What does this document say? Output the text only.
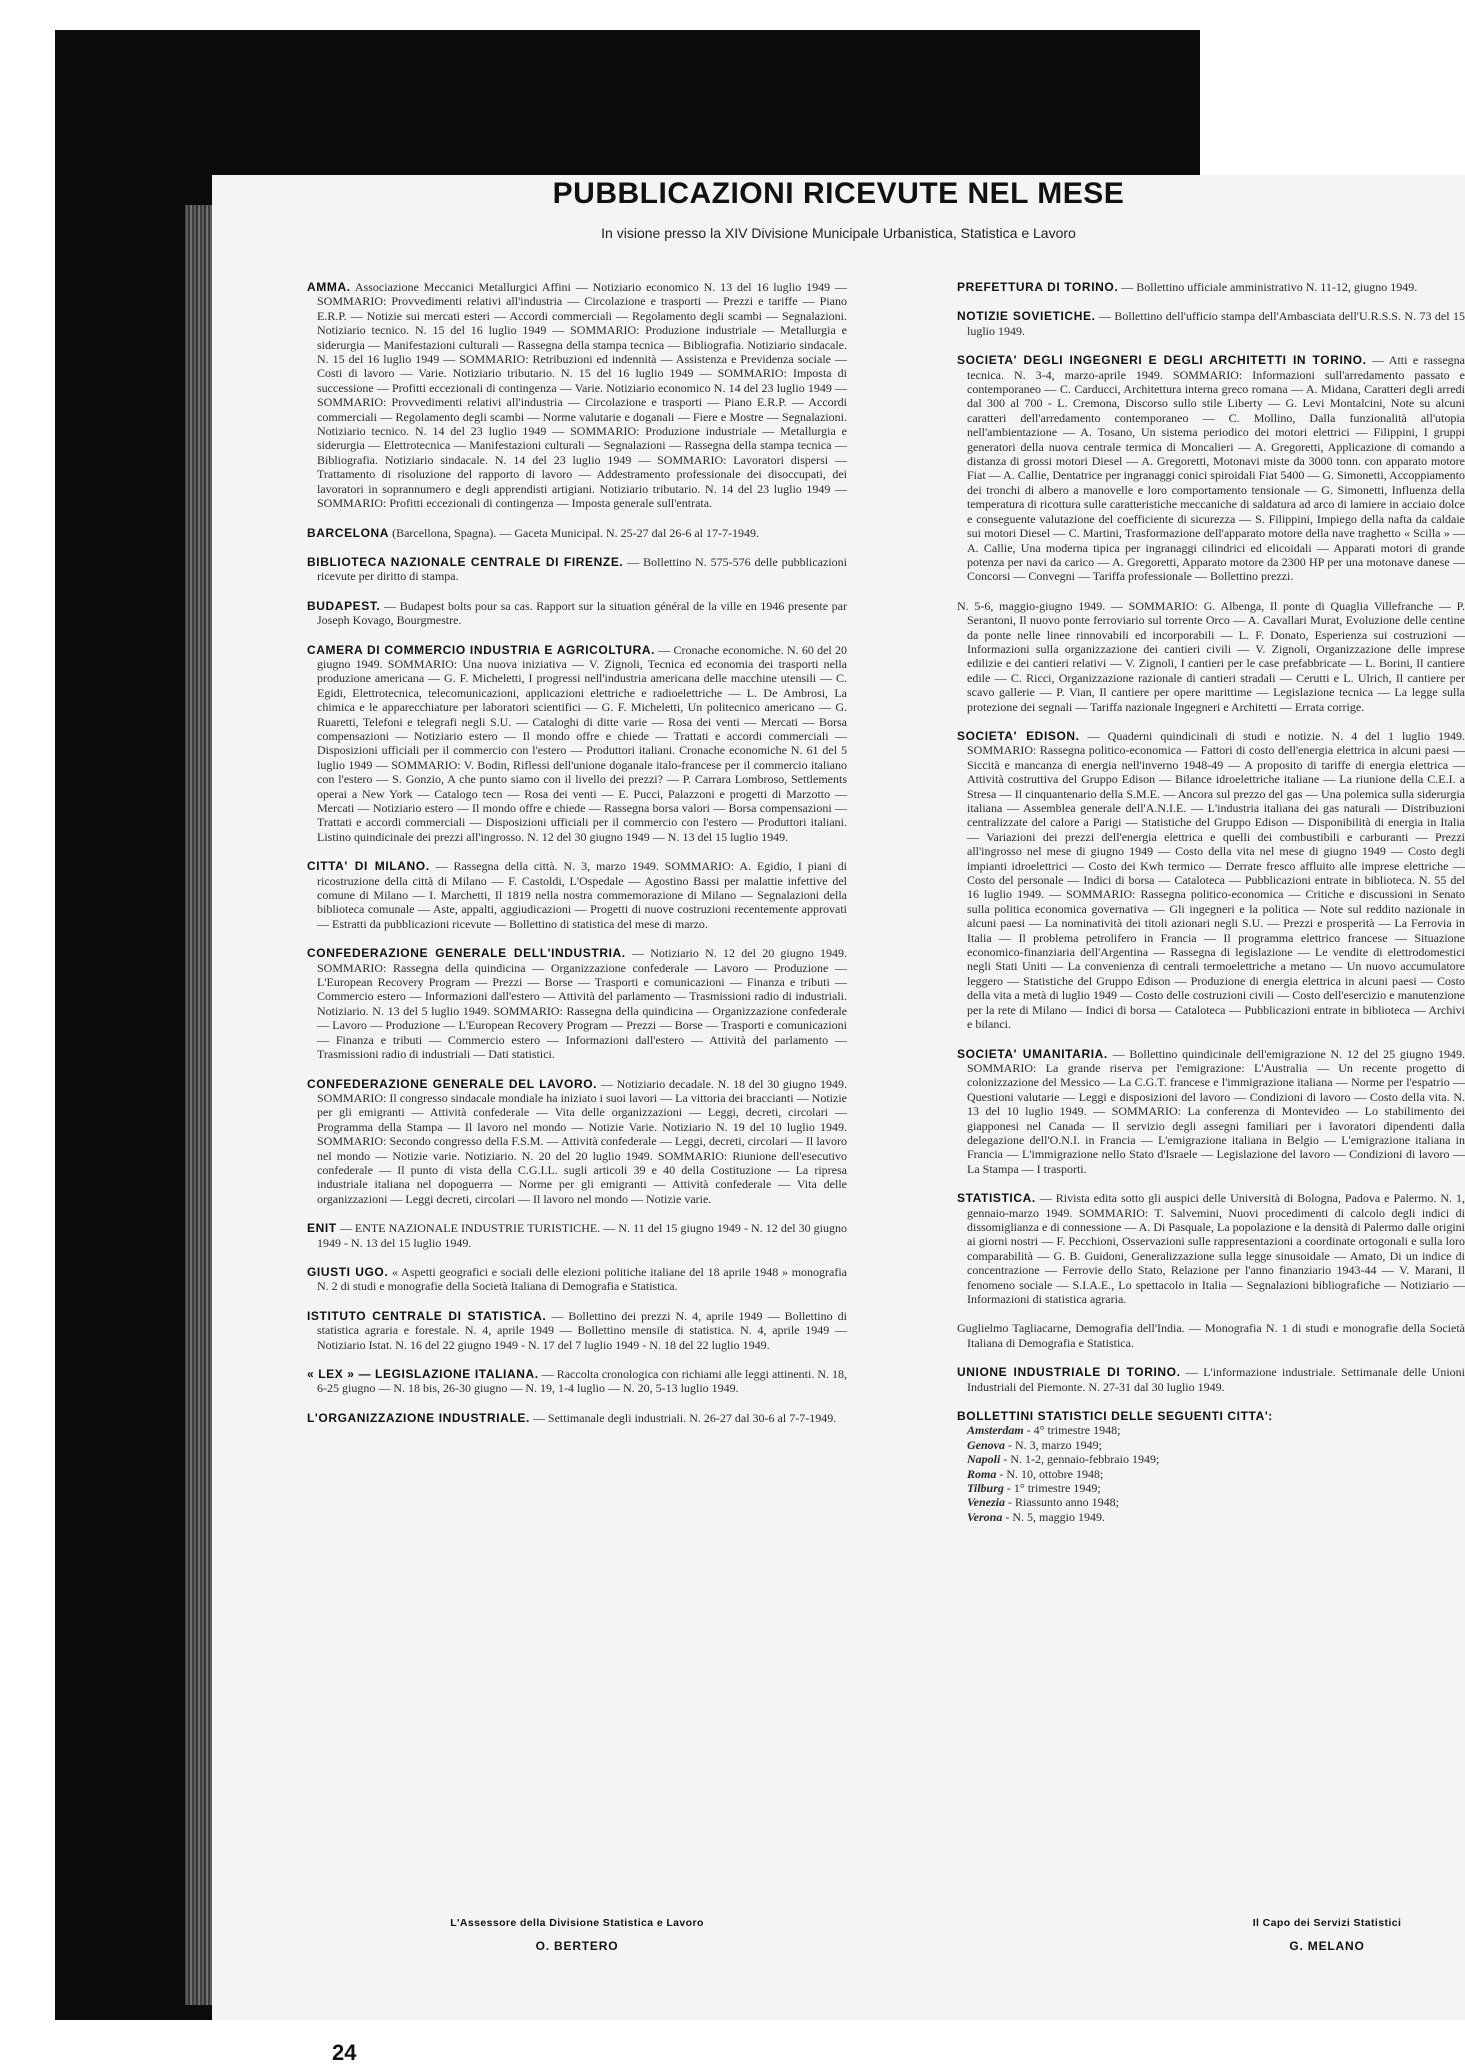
PUBBLICAZIONI RICEVUTE NEL MESE
In visione presso la XIV Divisione Municipale Urbanistica, Statistica e Lavoro
AMMA. Associazione Meccanici Metallurgici Affini — Notiziario economico N. 13 del 16 luglio 1949 — SOMMARIO: Provvedimenti relativi all'industria — Circolazione e trasporti — Prezzi e tariffe — Piano E.R.P. — Notizie sui mercati esteri — Accordi commerciali — Regolamento degli scambi — Segnalazioni. Notiziario tecnico. N. 15 del 16 luglio 1949 — SOMMARIO: Produzione industriale — Metallurgia e siderurgia — Manifestazioni culturali — Rassegna della stampa tecnica — Bibliografia. Notiziario sindacale. N. 15 del 16 luglio 1949 — SOMMARIO: Retribuzioni ed indennità — Assistenza e Previdenza sociale — Costi di lavoro — Varie. Notiziario tributario. N. 15 del 16 luglio 1949 — SOMMARIO: Imposta di successione — Profitti eccezionali di contingenza — Varie. Notiziario economico N. 14 del 23 luglio 1949 — SOMMARIO: Provvedimenti relativi all'industria — Circolazione e trasporti — Piano E.R.P. — Accordi commerciali — Regolamento degli scambi — Norme valutarie e doganali — Fiere e Mostre — Segnalazioni. Notiziario tecnico. N. 14 del 23 luglio 1949 — SOMMARIO: Produzione industriale — Metallurgia e siderurgia — Elettrotecnica — Manifestazioni culturali — Segnalazioni — Rassegna della stampa tecnica — Bibliografia. Notiziario sindacale. N. 14 del 23 luglio 1949 — SOMMARIO: Lavoratori dispersi — Trattamento di risoluzione del rapporto di lavoro — Addestramento professionale dei disoccupati, dei lavoratori in soprannumero e degli apprendisti artigiani. Notiziario tributario. N. 14 del 23 luglio 1949 — SOMMARIO: Profitti eccezionali di contingenza — Imposta generale sull'entrata.
BARCELONA (Barcellona, Spagna). — Gaceta Municipal. N. 25-27 dal 26-6 al 17-7-1949.
BIBLIOTECA NAZIONALE CENTRALE DI FIRENZE. — Bollettino N. 575-576 delle pubblicazioni ricevute per diritto di stampa.
BUDAPEST. — Budapest bolts pour sa cas. Rapport sur la situation général de la ville en 1946 presente par Joseph Kovago, Bourgmestre.
CAMERA DI COMMERCIO INDUSTRIA E AGRICOLTURA. — Cronache economiche. N. 60 del 20 giugno 1949. SOMMARIO: Una nuova iniziativa — V. Zignoli, Tecnica ed economia dei trasporti nella produzione americana — G. F. Micheletti, I progressi nell'industria americana delle macchine utensili — C. Egidi, Elettrotecnica, telecomunicazioni, applicazioni elettriche e radioelettriche — L. De Ambrosi, La chimica e le apparecchiature per laboratori scientifici — G. F. Micheletti, Un politecnico americano — G. Ruaretti, Telefoni e telegrafi negli S.U. — Cataloghi di ditte varie — Rosa dei venti — Mercati — Borsa compensazioni — Notiziario estero — Il mondo offre e chiede — Trattati e accordi commerciali — Disposizioni ufficiali per il commercio con l'estero — Produttori italiani. Cronache economiche N. 61 del 5 luglio 1949 — SOMMARIO: V. Bodin, Riflessi dell'unione doganale italo-francese per il commercio italiano con l'estero — S. Gonzio, A che punto siamo con il livello dei prezzi? — P. Carrara Lombroso, Settlements operai a New York — Catalogo tecn — Rosa dei venti — E. Pucci, Palazzoni e progetti di Marzotto — Mercati — Notiziario estero — Il mondo offre e chiede — Rassegna borsa valori — Borsa compensazioni — Trattati e accordi commerciali — Disposizioni ufficiali per il commercio con l'estero — Produttori italiani. Listino quindicinale dei prezzi all'ingrosso. N. 12 del 30 giugno 1949 — N. 13 del 15 luglio 1949.
CITTA' DI MILANO. — Rassegna della città. N. 3, marzo 1949. SOMMARIO: A. Egidio, I piani di ricostruzione della città di Milano — F. Castoldi, L'Ospedale — Agostino Bassi per malattie infettive del comune di Milano — I. Marchetti, Il 1819 nella nostra commemorazione di Milano — Segnalazioni della biblioteca comunale — Aste, appalti, aggiudicazioni — Progetti di nuove costruzioni recentemente approvati — Estratti da pubblicazioni ricevute — Bollettino di statistica del mese di marzo.
CONFEDERAZIONE GENERALE DELL'INDUSTRIA. — Notiziario N. 12 del 20 giugno 1949. SOMMARIO: Rassegna della quindicina — Organizzazione confederale — Lavoro — Produzione — L'European Recovery Program — Prezzi — Borse — Trasporti e comunicazioni — Finanza e tributi — Commercio estero — Informazioni dall'estero — Attività del parlamento — Trasmissioni radio di industriali. Notiziario. N. 13 del 5 luglio 1949. SOMMARIO: Rassegna della quindicina — Organizzazione confederale — Lavoro — Produzione — L'European Recovery Program — Prezzi — Borse — Trasporti e comunicazioni — Finanza e tributi — Commercio estero — Informazioni dall'estero — Attività del parlamento — Trasmissioni radio di industriali — Dati statistici.
CONFEDERAZIONE GENERALE DEL LAVORO. — Notiziario decadale. N. 18 del 30 giugno 1949. SOMMARIO: Il congresso sindacale mondiale ha iniziato i suoi lavori — La vittoria dei braccianti — Notizie per gli emigranti — Attività confederale — Vita delle organizzazioni — Leggi, decreti, circolari — Programma della Stampa — Il lavoro nel mondo — Notizie Varie. Notiziario N. 19 del 10 luglio 1949. SOMMARIO: Secondo congresso della F.S.M. — Attività confederale — Leggi, decreti, circolari — Il lavoro nel mondo — Notizie varie. Notiziario. N. 20 del 20 luglio 1949. SOMMARIO: Riunione dell'esecutivo confederale — Il punto di vista della C.G.I.L. sugli articoli 39 e 40 della Costituzione — La ripresa industriale italiana nel dopoguerra — Norme per gli emigranti — Attività confederale — Vita delle organizzazioni — Leggi decreti, circolari — Il lavoro nel mondo — Notizie varie.
ENIT — ENTE NAZIONALE INDUSTRIE TURISTICHE. — N. 11 del 15 giugno 1949 - N. 12 del 30 giugno 1949 - N. 13 del 15 luglio 1949.
GIUSTI UGO. « Aspetti geografici e sociali delle elezioni politiche italiane del 18 aprile 1948 » monografia N. 2 di studi e monografie della Società Italiana di Demografia e Statistica.
ISTITUTO CENTRALE DI STATISTICA. — Bollettino dei prezzi N. 4, aprile 1949 — Bollettino di statistica agraria e forestale. N. 4, aprile 1949 — Bollettino mensile di statistica. N. 4, aprile 1949 — Notiziario Istat. N. 16 del 22 giugno 1949 - N. 17 del 7 luglio 1949 - N. 18 del 22 luglio 1949.
« LEX » — LEGISLAZIONE ITALIANA. — Raccolta cronologica con richiami alle leggi attinenti. N. 18, 6-25 giugno — N. 18 bis, 26-30 giugno — N. 19, 1-4 luglio — N. 20, 5-13 luglio 1949.
L'ORGANIZZAZIONE INDUSTRIALE. — Settimanale degli industriali. N. 26-27 dal 30-6 al 7-7-1949.
PREFETTURA DI TORINO. — Bollettino ufficiale amministrativo N. 11-12, giugno 1949.
NOTIZIE SOVIETICHE. — Bollettino dell'ufficio stampa dell'Ambasciata dell'U.R.S.S. N. 73 del 15 luglio 1949.
SOCIETA' DEGLI INGEGNERI E DEGLI ARCHITETTI IN TORINO. — Atti e rassegna tecnica. N. 3-4, marzo-aprile 1949. SOMMARIO: Informazioni sull'arredamento passato e contemporaneo — C. Carducci, Architettura interna greco romana — A. Midana, Caratteri degli arredi dal 300 al 700 - L. Cremona, Discorso sullo stile Liberty — G. Levi Montalcini, Note su alcuni caratteri dell'arredamento contemporaneo — C. Mollino, Dalla funzionalità all'utopia nell'ambientazione — A. Tosano, Un sistema periodico dei motori elettrici — Filippini, I gruppi generatori della nuova centrale termica di Moncalieri — A. Gregoretti, Applicazione di comando a distanza di grossi motori Diesel — A. Gregoretti, Motonavi miste da 3000 tonn. con apparato motore Fiat — A. Callie, Dentatrice per ingranaggi conici spiroidali Fiat 5400 — G. Simonetti, Accoppiamento dei tronchi di albero a manovelle e loro comportamento tensionale — G. Simonetti, Influenza della temperatura di ricottura sulle caratteristiche meccaniche di saldatura ad arco di lamiere in acciaio dolce e conseguente valutazione del coefficiente di sicurezza — S. Filippini, Impiego della nafta da caldaie sui motori Diesel — C. Martini, Trasformazione dell'apparato motore della nave traghetto « Scilla » — A. Callie, Una moderna tipica per ingranaggi cilindrici ed elicoidali — Apparati motori di grande potenza per navi da carico — A. Gregoretti, Apparato motore da 2300 HP per una motonave danese — Concorsi — Convegni — Tariffa professionale — Bollettino prezzi.
N. 5-6, maggio-giugno 1949. — SOMMARIO: G. Albenga, Il ponte di Quaglia Villefranche — P. Serantoni, Il nuovo ponte ferroviario sul torrente Orco — A. Cavallari Murat, Evoluzione delle centine da ponte nelle linee rinnovabili ed incorporabili — L. F. Donato, Esperienza sui costruzioni — Informazioni sulla organizzazione dei cantieri civili — V. Zignoli, Organizzazione delle imprese edilizie e dei cantieri relativi — V. Zignoli, I cantieri per le case prefabbricate — L. Borini, Il cantiere edile — C. Ricci, Organizzazione razionale di cantieri stradali — Cerutti e L. Ulrich, Il cantiere per scavo gallerie — P. Vian, Il cantiere per opere marittime — Legislazione tecnica — La legge sulla protezione dei segnali — Tariffa nazionale Ingegneri e Architetti — Errata corrige.
SOCIETA' EDISON. — Quaderni quindicinali di studi e notizie. N. 4 del 1 luglio 1949. SOMMARIO: Rassegna politico-economica — Fattori di costo dell'energia elettrica in alcuni paesi — Siccità e mancanza di energia nell'inverno 1948-49 — A proposito di tariffe di energia elettrica — Attività costruttiva del Gruppo Edison — Bilance idroelettriche italiane — La riunione della C.E.I. a Stresa — Il cinquantenario della S.M.E. — Ancora sul prezzo del gas — Una polemica sulla siderurgia italiana — Assemblea generale dell'A.N.I.E. — L'industria italiana dei gas naturali — Distribuzioni centralizzate del calore a Parigi — Statistiche del Gruppo Edison — Disponibilità di energia in Italia — Variazioni dei prezzi dell'energia elettrica e quelli dei combustibili e carburanti — Prezzi all'ingrosso nel mese di giugno 1949 — Costo della vita nel mese di giugno 1949 — Costo degli impianti idroelettrici — Costo dei Kwh termico — Derrate fresco affluito alle imprese elettriche — Costo del personale — Indici di borsa — Cataloteca — Pubblicazioni entrate in biblioteca. N. 55 del 16 luglio 1949. — SOMMARIO: Rassegna politico-economica — Critiche e discussioni in Senato sulla politica economica governativa — Gli ingegneri e la politica — Note sul reddito nazionale in alcuni paesi — La nominatività dei titoli azionari negli S.U. — Prezzi e prosperità — La Ferrovia in Italia — Il problema petrolifero in Francia — Il programma elettrico francese — Situazione economico-finanziaria dell'Argentina — Rassegna di legislazione — Le vendite di elettrodomestici negli Stati Uniti — La convenienza di centrali termoelettriche a metano — Un nuovo accumulatore leggero — Statistiche del Gruppo Edison — Produzione di energia elettrica in alcuni paesi — Costo della vita a metà di luglio 1949 — Costo delle costruzioni civili — Costo dell'esercizio e manutenzione per la rete di Milano — Indici di borsa — Cataloteca — Pubblicazioni entrate in biblioteca — Archivi e bilanci.
SOCIETA' UMANITARIA. — Bollettino quindicinale dell'emigrazione N. 12 del 25 giugno 1949. SOMMARIO: La grande riserva per l'emigrazione: L'Australia — Un recente progetto di colonizzazione del Messico — La C.G.T. francese e l'immigrazione italiana — Norme per l'espatrio — Questioni valutarie — Leggi e disposizioni del lavoro — Condizioni di lavoro — Costo della vita. N. 13 del 10 luglio 1949. — SOMMARIO: La conferenza di Montevideo — Lo stabilimento dei giapponesi nel Canada — Il servizio degli assegni familiari per i lavoratori dipendenti dalla delegazione dell'O.N.I. in Francia — L'emigrazione italiana in Belgio — L'emigrazione italiana in Francia — L'immigrazione nello Stato d'Israele — Legislazione del lavoro — Condizioni di lavoro — La Stampa — I trasporti.
STATISTICA. — Rivista edita sotto gli auspici delle Università di Bologna, Padova e Palermo. N. 1, gennaio-marzo 1949. SOMMARIO: T. Salvemini, Nuovi procedimenti di calcolo degli indici di dissomiglianza e di connessione — A. Di Pasquale, La popolazione e la densità di Palermo dalle origini ai giorni nostri — F. Pecchioni, Osservazioni sulle rappresentazioni a coordinate ortogonali e sulla loro comparabilità — G. B. Guidoni, Generalizzazione sulla legge sinusoidale — Amato, Di un indice di concentrazione — Ferrovie dello Stato, Relazione per l'anno finanziario 1943-44 — V. Marani, Il fenomeno sociale — S.I.A.E., Lo spettacolo in Italia — Segnalazioni bibliografiche — Notiziario — Informazioni di statistica agraria.
Guglielmo Tagliacarne, Demografia dell'India. — Monografia N. 1 di studi e monografie della Società Italiana di Demografia e Statistica.
UNIONE INDUSTRIALE DI TORINO. — L'informazione industriale. Settimanale delle Unioni Industriali del Piemonte. N. 27-31 dal 30 luglio 1949.
BOLLETTINI STATISTICI DELLE SEGUENTI CITTA':
Amsterdam - 4° trimestre 1948;
Genova - N. 3, marzo 1949;
Napoli - N. 1-2, gennaio-febbraio 1949;
Roma - N. 10, ottobre 1948;
Tilburg - 1° trimestre 1949;
Venezia - Riassunto anno 1948;
Verona - N. 5, maggio 1949.
L'Assessore della Divisione Statistica e Lavoro
O. BERTERO
Il Capo dei Servizi Statistici
G. MELANO
24
